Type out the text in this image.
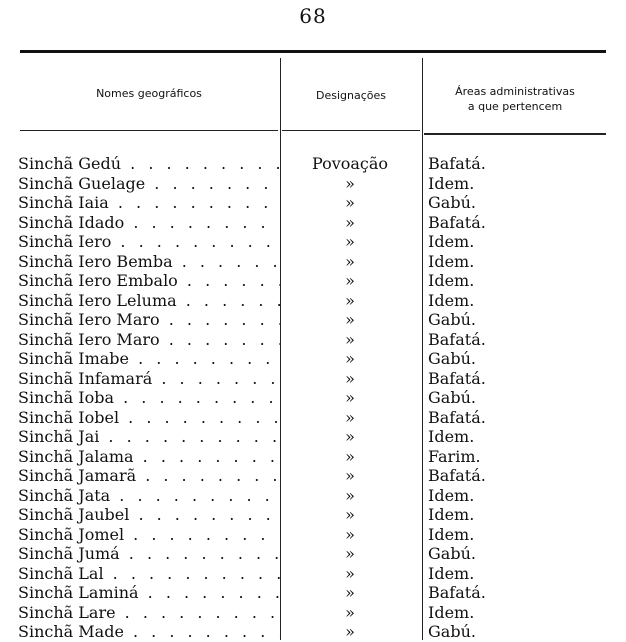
68
Nomes geográficos	Designações	Áreas administrativas
a que pertencem
Sinchã Gedú . . .	Povoação	Bafatá.
Sinchã Guelage . . .	»	Idem.
Sinchã Iaia . . .	»	Gabú.
Sinchã Idado . . .	»	Bafatá.
Sinchã Iero . . .	»	Idem.
Sinchã Iero Bemba . . .	»	Idem.
Sinchã Iero Embalo . . .	»	Idem.
Sinchã Iero Leluma . . .	»	Idem.
Sinchã Iero Maro . . .	»	Gabú.
Sinchã Iero Maro . . .	»	Bafatá.
Sinchã Imabe . . .	»	Gabú.
Sinchã Infamará . . .	»	Bafatá.
Sinchã Ioba . . .	»	Gabú.
Sinchã Iobel . . .	»	Bafatá.
Sinchã Jai . . .	»	Idem.
Sinchã Jalama . . .	»	Farim.
Sinchã Jamarã . . .	»	Bafatá.
Sinchã Jata . . .	»	Idem.
Sinchã Jaubel . . .	»	Idem.
Sinchã Jomel . . .	»	Idem.
Sinchã Jumá . . .	»	Gabú.
Sinchã Lal . . .	»	Idem.
Sinchã Laminá . . .	»	Bafatá.
Sinchã Lare . . .	»	Idem.
Sinchã Made . . .	»	Gabú.
